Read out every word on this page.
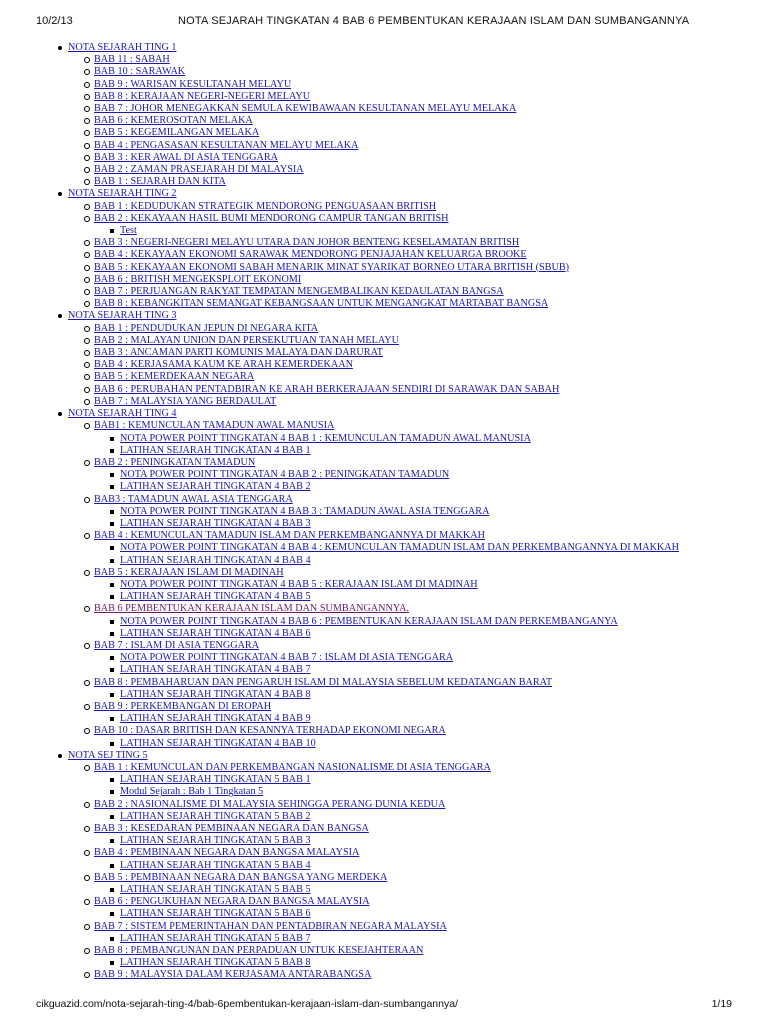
10/2/13	NOTA SEJARAH TINGKATAN 4 BAB 6 PEMBENTUKAN KERAJAAN ISLAM DAN SUMBANGANNYA
NOTA SEJARAH TING 1
BAB 11 : SABAH
BAB 10 : SARAWAK
BAB 9 : WARISAN KESULTANAH MELAYU
BAB 8 : KERAJAAN NEGERI-NEGERI MELAYU
BAB 7 : JOHOR MENEGAKKAN SEMULA KEWIBAWAAN KESULTANAN MELAYU MELAKA
BAB 6 : KEMEROSOTAN MELAKA
BAB 5 : KEGEMILANGAN MELAKA
BAB 4 : PENGASASAN KESULTANAN MELAYU MELAKA
BAB 3 : KER AWAL DI ASIA TENGGARA
BAB 2 : ZAMAN PRASEJARAH DI MALAYSIA
BAB 1 : SEJARAH DAN KITA
NOTA SEJARAH TING 2
BAB 1 : KEDUDUKAN STRATEGIK MENDORONG PENGUASAAN BRITISH
BAB 2 : KEKAYAAN HASIL BUMI MENDORONG CAMPUR TANGAN BRITISH
Test
BAB 3 : NEGERI-NEGERI MELAYU UTARA DAN JOHOR BENTENG KESELAMATAN BRITISH
BAB 4 : KEKAYAAN EKONOMI SARAWAK MENDORONG PENJAJAHAN KELUARGA BROOKE
BAB 5 : KEKAYAAN EKONOMI SABAH MENARIK MINAT SYARIKAT BORNEO UTARA BRITISH (SBUB)
BAB 6 : BRITISH MENGEKSPLOIT EKONOMI
BAB 7 : PERJUANGAN RAKYAT TEMPATAN MENGEMBALIKAN KEDAULATAN BANGSA
BAB 8 : KEBANGKITAN SEMANGAT KEBANGSAAN UNTUK MENGANGKAT MARTABAT BANGSA
NOTA SEJARAH TING 3
BAB 1 : PENDUDUKAN JEPUN DI NEGARA KITA
BAB 2 : MALAYAN UNION DAN PERSEKUTUAN TANAH MELAYU
BAB 3 : ANCAMAN PARTI KOMUNIS MALAYA DAN DARURAT
BAB 4 : KERJASAMA KAUM KE ARAH KEMERDEKAAN
BAB 5 : KEMERDEKAAN NEGARA
BAB 6 : PERUBAHAN PENTADBIRAN KE ARAH BERKERAJAAN SENDIRI DI SARAWAK DAN SABAH
BAB 7 : MALAYSIA YANG BERDAULAT
NOTA SEJARAH TING 4
BAB1 : KEMUNCULAN TAMADUN AWAL MANUSIA
NOTA POWER POINT TINGKATAN 4 BAB 1 : KEMUNCULAN TAMADUN AWAL MANUSIA
LATIHAN SEJARAH TINGKATAN 4 BAB 1
BAB 2 : PENINGKATAN TAMADUN
NOTA POWER POINT TINGKATAN 4 BAB 2 : PENINGKATAN TAMADUN
LATIHAN SEJARAH TINGKATAN 4 BAB 2
BAB3 : TAMADUN AWAL ASIA TENGGARA
NOTA POWER POINT TINGKATAN 4 BAB 3 : TAMADUN AWAL ASIA TENGGARA
LATIHAN SEJARAH TINGKATAN 4 BAB 3
BAB 4 : KEMUNCULAN TAMADUN ISLAM DAN PERKEMBANGANNYA DI MAKKAH
NOTA POWER POINT TINGKATAN 4 BAB 4 : KEMUNCULAN TAMADUN ISLAM DAN PERKEMBANGANNYA DI MAKKAH
LATIHAN SEJARAH TINGKATAN 4 BAB 4
BAB 5 : KERAJAAN ISLAM DI MADINAH
NOTA POWER POINT TINGKATAN 4 BAB 5 : KERAJAAN ISLAM DI MADINAH
LATIHAN SEJARAH TINGKATAN 4 BAB 5
BAB 6 PEMBENTUKAN KERAJAAN ISLAM DAN SUMBANGANNYA.
NOTA POWER POINT TINGKATAN 4 BAB 6 : PEMBENTUKAN KERAJAAN ISLAM DAN PERKEMBANGANYA
LATIHAN SEJARAH TINGKATAN 4 BAB 6
BAB 7 : ISLAM DI ASIA TENGGARA
NOTA POWER POINT TINGKATAN 4 BAB 7 : ISLAM DI ASIA TENGGARA
LATIHAN SEJARAH TINGKATAN 4 BAB 7
BAB 8 : PEMBAHARUAN DAN PENGARUH ISLAM DI MALAYSIA SEBELUM KEDATANGAN BARAT
LATIHAN SEJARAH TINGKATAN 4 BAB 8
BAB 9 : PERKEMBANGAN DI EROPAH
LATIHAN SEJARAH TINGKATAN 4 BAB 9
BAB 10 : DASAR BRITISH DAN KESANNYA TERHADAP EKONOMI NEGARA
LATIHAN SEJARAH TINGKATAN 4 BAB 10
NOTA SEJ TING 5
BAB 1 : KEMUNCULAN DAN PERKEMBANGAN NASIONALISME DI ASIA TENGGARA
LATIHAN SEJARAH TINGKATAN 5 BAB 1
Modul Sejarah : Bab 1 Tingkatan 5
BAB 2 : NASIONALISME DI MALAYSIA SEHINGGA PERANG DUNIA KEDUA
LATIHAN SEJARAH TINGKATAN 5 BAB 2
BAB 3 : KESEDARAN PEMBINAAN NEGARA DAN BANGSA
LATIHAN SEJARAH TINGKATAN 5 BAB 3
BAB 4 : PEMBINAAN NEGARA DAN BANGSA MALAYSIA
LATIHAN SEJARAH TINGKATAN 5 BAB 4
BAB 5 : PEMBINAAN NEGARA DAN BANGSA YANG MERDEKA
LATIHAN SEJARAH TINGKATAN 5 BAB 5
BAB 6 : PENGUKUHAN NEGARA DAN BANGSA MALAYSIA
LATIHAN SEJARAH TINGKATAN 5 BAB 6
BAB 7 : SISTEM PEMERINTAHAN DAN PENTADBIRAN NEGARA MALAYSIA
LATIHAN SEJARAH TINGKATAN 5 BAB 7
BAB 8 : PEMBANGUNAN DAN PERPADUAN UNTUK KESEJAHTERAAN
LATIHAN SEJARAH TINGKATAN 5 BAB 8
BAB 9 : MALAYSIA DALAM KERJASAMA ANTARABANGSA
cikguazid.com/nota-sejarah-ting-4/bab-6pembentukan-kerajaan-islam-dan-sumbangannya/	1/19
